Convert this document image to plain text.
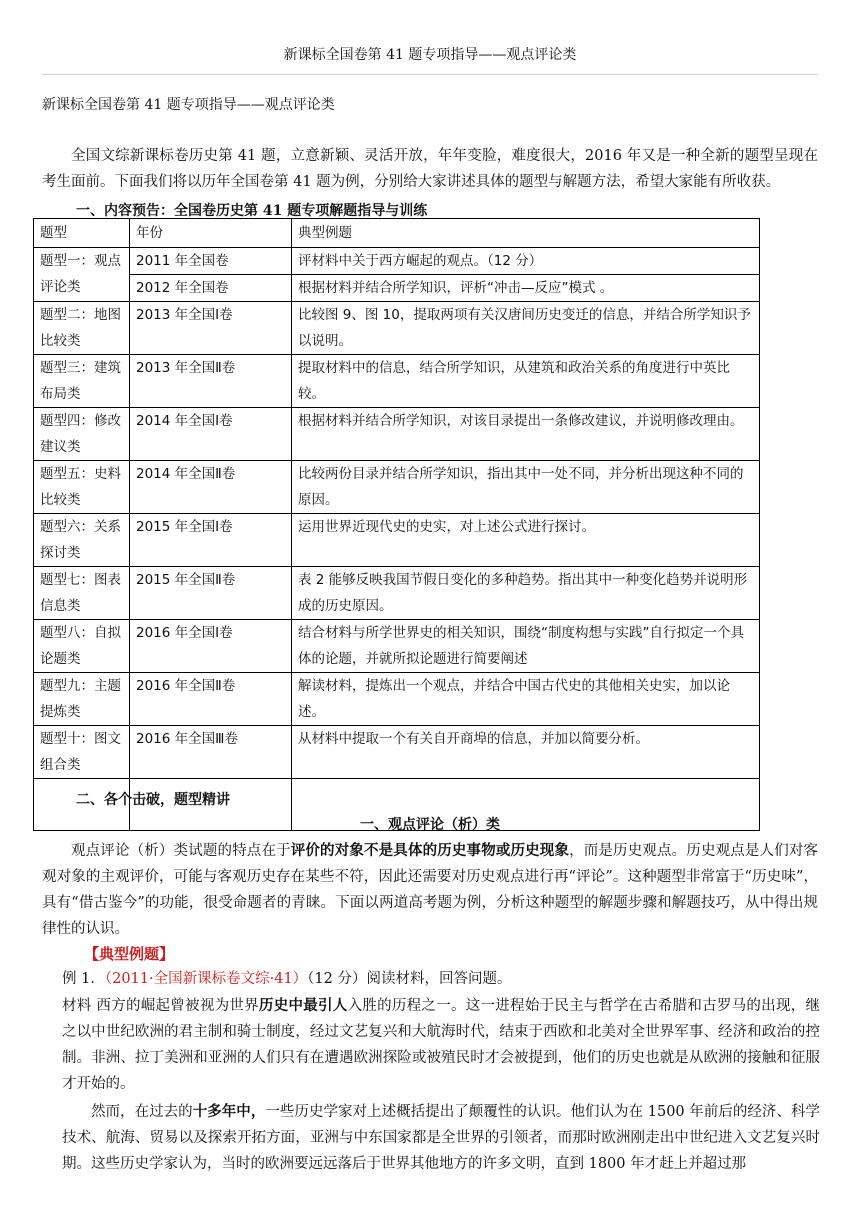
新课标全国卷第 41 题专项指导——观点评论类
新课标全国卷第 41 题专项指导——观点评论类
全国文综新课标卷历史第 41 题，立意新颖、灵活开放，年年变脸，难度很大，2016 年又是一种全新的题型呈现在考生面前。下面我们将以历年全国卷第 41 题为例，分别给大家讲述具体的题型与解题方法，希望大家能有所收获。
一、内容预告：全国卷历史第 41 题专项解题指导与训练
题型	年份	典型例题
题型一：观点评论类	2011 年全国卷	评材料中关于西方崛起的观点。（12 分）
	2012 年全国卷	根据材料并结合所学知识，评析“冲击—反应”模式 。
题型二：地图比较类	2013 年全国Ⅰ卷	比较图 9、图 10，提取两项有关汉唐间历史变迁的信息，并结合所学知识予以说明。
题型三：建筑布局类	2013 年全国Ⅱ卷	提取材料中的信息，结合所学知识，从建筑和政治关系的角度进行中英比较。
题型四：修改建议类	2014 年全国Ⅰ卷	根据材料并结合所学知识，对该目录提出一条修改建议，并说明修改理由。
题型五：史料比较类	2014 年全国Ⅱ卷	比较两份目录并结合所学知识，指出其中一处不同，并分析出现这种不同的原因。
题型六：关系探讨类	2015 年全国Ⅰ卷	运用世界近现代史的史实，对上述公式进行探讨。
题型七：图表信息类	2015 年全国Ⅱ卷	表 2 能够反映我国节假日变化的多种趋势。指出其中一种变化趋势并说明形成的历史原因。
题型八：自拟论题类	2016 年全国Ⅰ卷	结合材料与所学世界史的相关知识，围绕“制度构想与实践”自行拟定一个具体的论题，并就所拟论题进行简要阐述
题型九：主题提炼类	2016 年全国Ⅱ卷	解读材料，提炼出一个观点，并结合中国古代史的其他相关史实，加以论述。
题型十：图文组合类	2016 年全国Ⅲ卷	从材料中提取一个有关自开商埠的信息，并加以简要分析。

二、各个击破，题型精讲
一、观点评论（析）类
观点评论（析）类试题的特点在于评价的对象不是具体的历史事物或历史现象，而是历史观点。历史观点是人们对客观对象的主观评价，可能与客观历史存在某些不符，因此还需要对历史观点进行再“评论”。这种题型非常富于“历史味”，具有“借古鉴今”的功能，很受命题者的青睐。下面以两道高考题为例，分析这种题型的解题步骤和解题技巧，从中得出规律性的认识。
【典型例题】
例 1．（2011·全国新课标卷文综·41）（12 分）阅读材料，回答问题。
材料 西方的崛起曾被视为世界历史中最引人入胜的历程之一。这一进程始于民主与哲学在古希腊和古罗马的出现，继之以中世纪欧洲的君主制和骑士制度，经过文艺复兴和大航海时代，结束于西欧和北美对全世界军事、经济和政治的控制。非洲、拉丁美洲和亚洲的人们只有在遭遇欧洲探险或被殖民时才会被提到，他们的历史也就是从欧洲的接触和征服才开始的。
然而，在过去的十多年中，一些历史学家对上述概括提出了颠覆性的认识。他们认为在 1500 年前后的经济、科学技术、航海、贸易以及探索开拓方面，亚洲与中东国家都是全世界的引领者，而那时欧洲刚走出中世纪进入文艺复兴时期。这些历史学家认为，当时的欧洲要远远落后于世界其他地方的许多文明，直到 1800 年才赶上并超过那
